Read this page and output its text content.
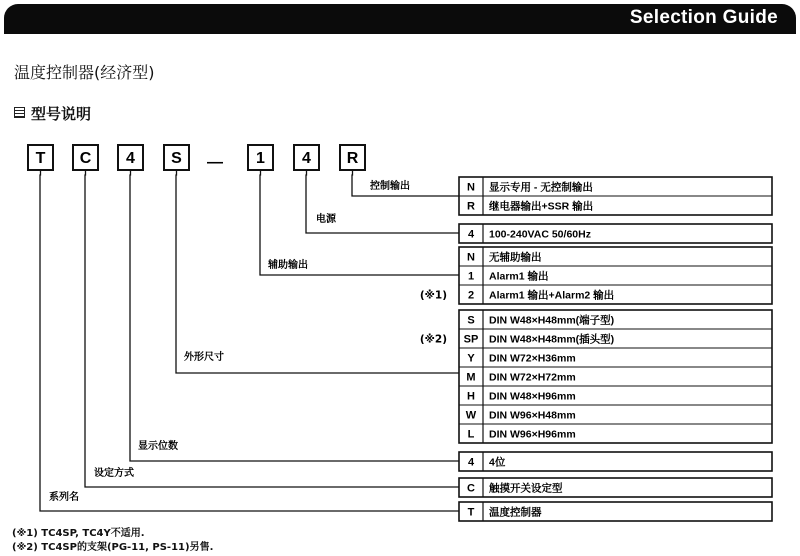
Selection Guide
温度控制器(经济型)
型号说明
T C 4 S — 1 4 R
N 显示专用 - 无控制输出
R 继电器输出+SSR 输出
4 100-240VAC 50/60Hz
N 无辅助输出
1 Alarm1 输出
2 Alarm1 输出+Alarm2 输出
(※1)
S DIN W48×H48mm(端子型)
SP DIN W48×H48mm(插头型)
(※2)
Y DIN W72×H36mm
M DIN W72×H72mm
H DIN W48×H96mm
W DIN W96×H48mm
L DIN W96×H96mm
4 4位
C 触摸开关设定型
T 温度控制器
控制输出
电源
辅助输出
外形尺寸
显示位数
设定方式
系列名
(※1) TC4SP, TC4Y不适用.
(※2) TC4SP的支架(PG-11, PS-11)另售.
